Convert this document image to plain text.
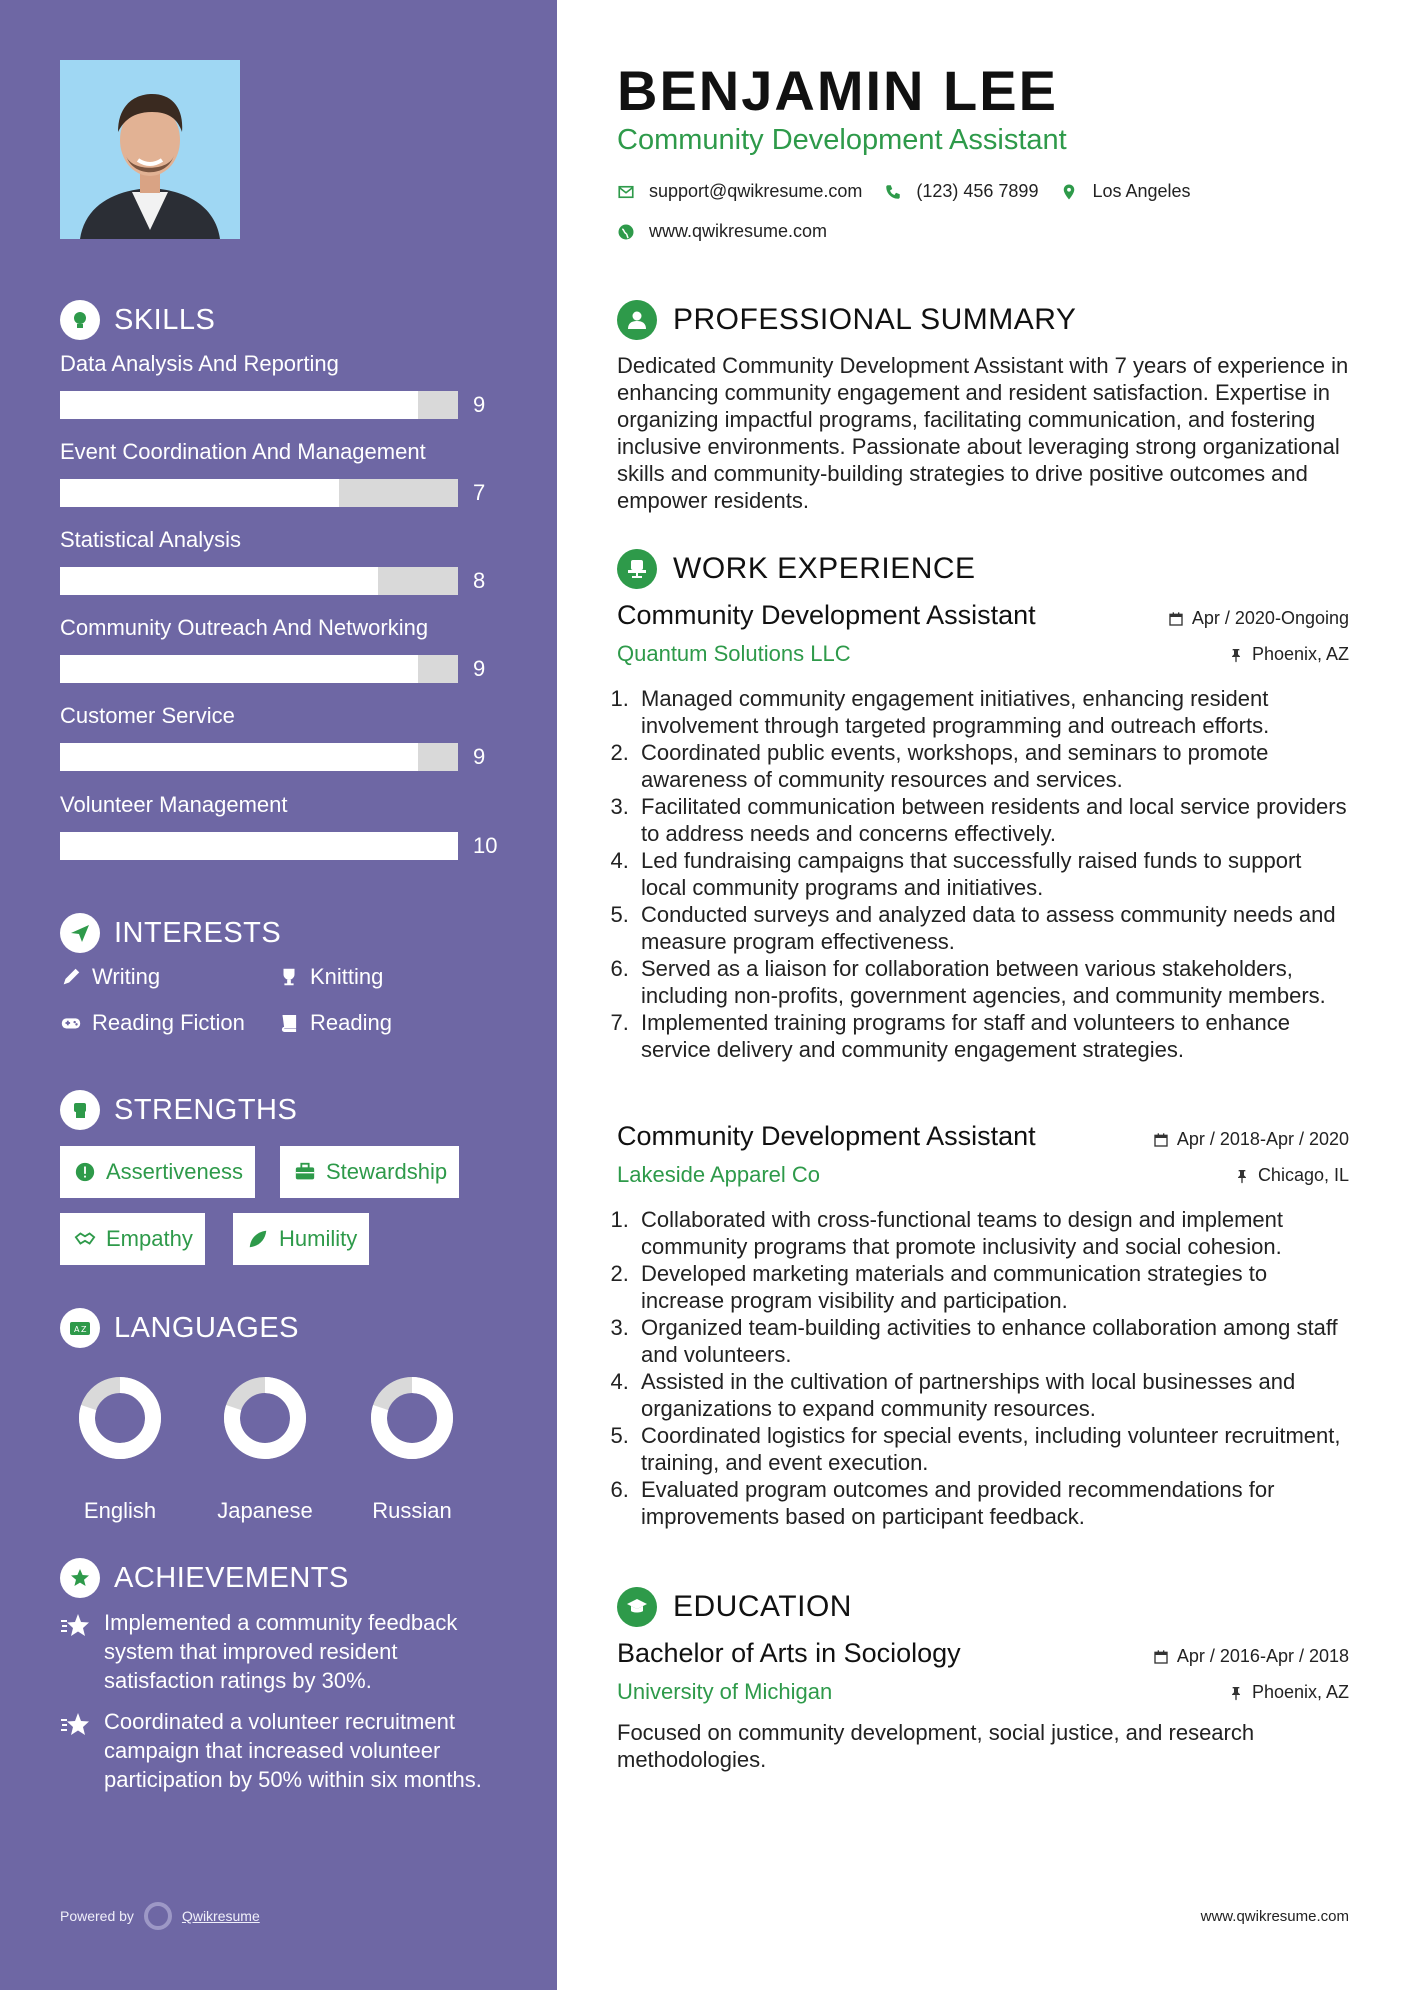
SKILLS
Data Analysis And Reporting
9
Event Coordination And Management
7
Statistical Analysis
8
Community Outreach And Networking
9
Customer Service
9
Volunteer Management
10
INTERESTS
Writing	Knitting
Reading Fiction	Reading
STRENGTHS
Assertiveness	Stewardship
Empathy	Humility
A Z LANGUAGES
English	Japanese	Russian
ACHIEVEMENTS
Implemented a community feedback system that improved resident satisfaction ratings by 30%.
Coordinated a volunteer recruitment campaign that increased volunteer participation by 50% within six months.
Powered by	Qwikresume
BENJAMIN LEE
Community Development Assistant
support@qwikresume.com	(123) 456 7899	Los Angeles
www.qwikresume.com
PROFESSIONAL SUMMARY
Dedicated Community Development Assistant with 7 years of experience in enhancing community engagement and resident satisfaction. Expertise in organizing impactful programs, facilitating communication, and fostering inclusive environments. Passionate about leveraging strong organizational skills and community-building strategies to drive positive outcomes and empower residents.
WORK EXPERIENCE
Community Development Assistant
Quantum Solutions LLC
Apr / 2020-Ongoing
Phoenix, AZ
1. Managed community engagement initiatives, enhancing resident involvement through targeted programming and outreach efforts.
2. Coordinated public events, workshops, and seminars to promote awareness of community resources and services.
3. Facilitated communication between residents and local service providers to address needs and concerns effectively.
4. Led fundraising campaigns that successfully raised funds to support local community programs and initiatives.
5. Conducted surveys and analyzed data to assess community needs and measure program effectiveness.
6. Served as a liaison for collaboration between various stakeholders, including non-profits, government agencies, and community members.
7. Implemented training programs for staff and volunteers to enhance service delivery and community engagement strategies.
Community Development Assistant
Lakeside Apparel Co
Apr / 2018-Apr / 2020
Chicago, IL
1. Collaborated with cross-functional teams to design and implement community programs that promote inclusivity and social cohesion.
2. Developed marketing materials and communication strategies to increase program visibility and participation.
3. Organized team-building activities to enhance collaboration among staff and volunteers.
4. Assisted in the cultivation of partnerships with local businesses and organizations to expand community resources.
5. Coordinated logistics for special events, including volunteer recruitment, training, and event execution.
6. Evaluated program outcomes and provided recommendations for improvements based on participant feedback.
EDUCATION
Bachelor of Arts in Sociology
University of Michigan
Apr / 2016-Apr / 2018
Phoenix, AZ
Focused on community development, social justice, and research methodologies.
www.qwikresume.com
